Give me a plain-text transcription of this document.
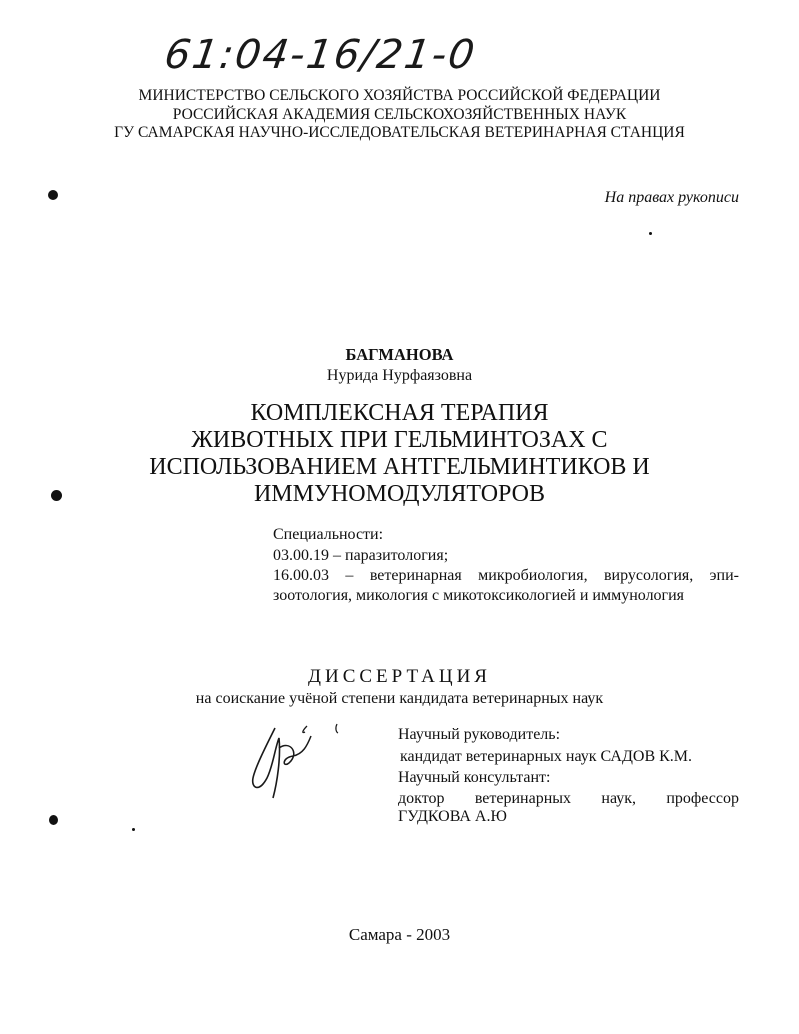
61:04-16/21-0
МИНИСТЕРСТВО СЕЛЬСКОГО ХОЗЯЙСТВА РОССИЙСКОЙ ФЕДЕРАЦИИ
РОССИЙСКАЯ АКАДЕМИЯ СЕЛЬСКОХОЗЯЙСТВЕННЫХ НАУК
ГУ САМАРСКАЯ НАУЧНО-ИССЛЕДОВАТЕЛЬСКАЯ ВЕТЕРИНАРНАЯ СТАНЦИЯ
На правах рукописи
БАГМАНОВА
Нурида Нурфаязовна
КОМПЛЕКСНАЯ ТЕРАПИЯ
ЖИВОТНЫХ ПРИ ГЕЛЬМИНТОЗАХ С
ИСПОЛЬЗОВАНИЕМ АНТГЕЛЬМИНТИКОВ И
ИММУНОМОДУЛЯТОРОВ
Специальности:
03.00.19 – паразитология;
16.00.03 – ветеринарная микробиология, вирусология, эпи-
зоотология, микология с микотоксикологией и иммунология
ДИССЕРТАЦИЯ
на соискание учёной степени кандидата ветеринарных наук
Научный руководитель:
кандидат ветеринарных наук САДОВ К.М.
Научный консультант:
доктор ветеринарных наук, профессор
ГУДКОВА А.Ю
Самара - 2003
